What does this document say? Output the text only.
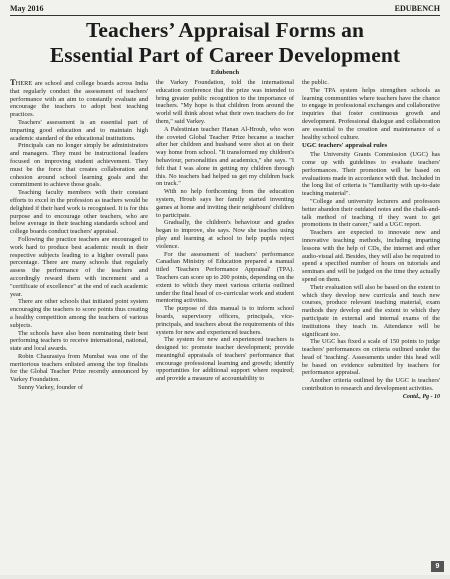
May 2016	EDUBENCH
Teachers’ Appraisal Forms an
Essential Part of Career Development
Edubench

THERE are school and college boards across India that regularly conduct the assessment of teachers' performance with an aim to constantly evaluate and encourage the teachers to adopt best teaching practices.

Teachers' assessment is an essential part of imparting good education and to maintain high academic standard of the educational institutions.

Principals can no longer simply be administrators and managers. They must be instructional leaders focused on improving student achievement. They must be the force that creates collaboration and cohesion around school learning goals and the commitment to achieve those goals.

Teaching faculty members with their constant efforts to excel in the profession as teachers would be delighted if their hard work is recognised. It is for this purpose and to encourage other teachers, who are below average in their teaching standards school and college boards conduct teachers' appraisal.

Following the practice teachers are encouraged to work hard to produce best academic result in their respective subjects leading to a higher overall pass percentage. There are many schools that regularly assess the performance of the teachers and accordingly reward them with increment and a "certificate of excellence" at the end of each academic year.

There are other schools that initiated point system encouraging the teachers to score points thus creating a healthy competition among the teachers of various subjects.

The schools have also been nominating their best performing teachers to receive international, national, state and local awards.

Robin Chaurasiya from Mumbai was one of the meritorious teachers enlisted among the top finalists for the Global Teacher Prize recently announced by Varkey Foundation.

Sunny Varkey, founder of

the Varkey Foundation, told the international education conference that the prize was intended to bring greater public recognition to the importance of teachers. "My hope is that children from around the world will think about what their own teachers do for them," said Varkey.

A Palestinian teacher Hanan Al-Hroub, who won the coveted Global Teacher Prize became a teacher after her children and husband were shot at on their way home from school. "It transformed my children's behaviour, personalities and academics," she says. "I felt that I was alone in getting my children through this. No teachers had helped us get my children back on track."

With no help forthcoming from the education system, Hroub says her family started inventing games at home and inviting their neighbours' children to participate.

Gradually, the children's behaviour and grades began to improve, she says. Now she teaches using play and learning at school to help pupils reject violence.

For the assessment of teachers' performance Canadian Ministry of Education prepared a manual titled 'Teachers Performance Appraisal' (TPA). Teachers can score up to 200 points, depending on the extent to which they meet various criteria outlined under the final head of co-curricular work and student mentoring activities.

The purpose of this manual is to inform school boards, supervisory officers, principals, vice-principals, and teachers about the requirements of this system for new and experienced teachers.

The system for new and experienced teachers is designed to: promote teacher development; provide meaningful appraisals of teachers' performance that encourage professional learning and growth; identify opportunities for additional support where required; and provide a measure of accountability to

the public.

The TPA system helps strengthen schools as learning communities where teachers have the chance to engage in professional exchanges and collaborative inquiries that foster continuous growth and development. Professional dialogue and collaboration are essential to the creation and maintenance of a healthy school culture.

UGC teachers' appraisal rules

The University Grants Commission (UGC) has come up with guidelines to evaluate teachers' performances. Their promotion will be based on evaluations made in accordance with that. Included in the long list of criteria is "familiarity with up-to-date teaching material".

"College and university lecturers and professors better abandon their outdated notes and the chalk-and-talk method of teaching if they want to get promotions in their career," said a UGC report.

Teachers are expected to innovate new and innovative teaching methods, including imparting lessons with the help of CDs, the internet and other audio-visual aid. Besides, they will also be required to spend a specified number of hours on tutorials and seminars and will be judged on the time they actually spend on them.

Their evaluation will also be based on the extent to which they develop new curricula and teach new courses, produce relevant teaching material, exam methods they develop and the extent to which they participate in external and internal exams of the institutions they teach in. Attendance will be significant too.

The UGC has fixed a scale of 150 points to judge teachers' performances on criteria outlined under the head of 'teaching'. Assessments under this head will be based on evidence submitted by teachers for performance appraisal.

Another criteria outlined by the UGC is teachers' contribution to research and development activities.

Contd., Pg - 10
9
